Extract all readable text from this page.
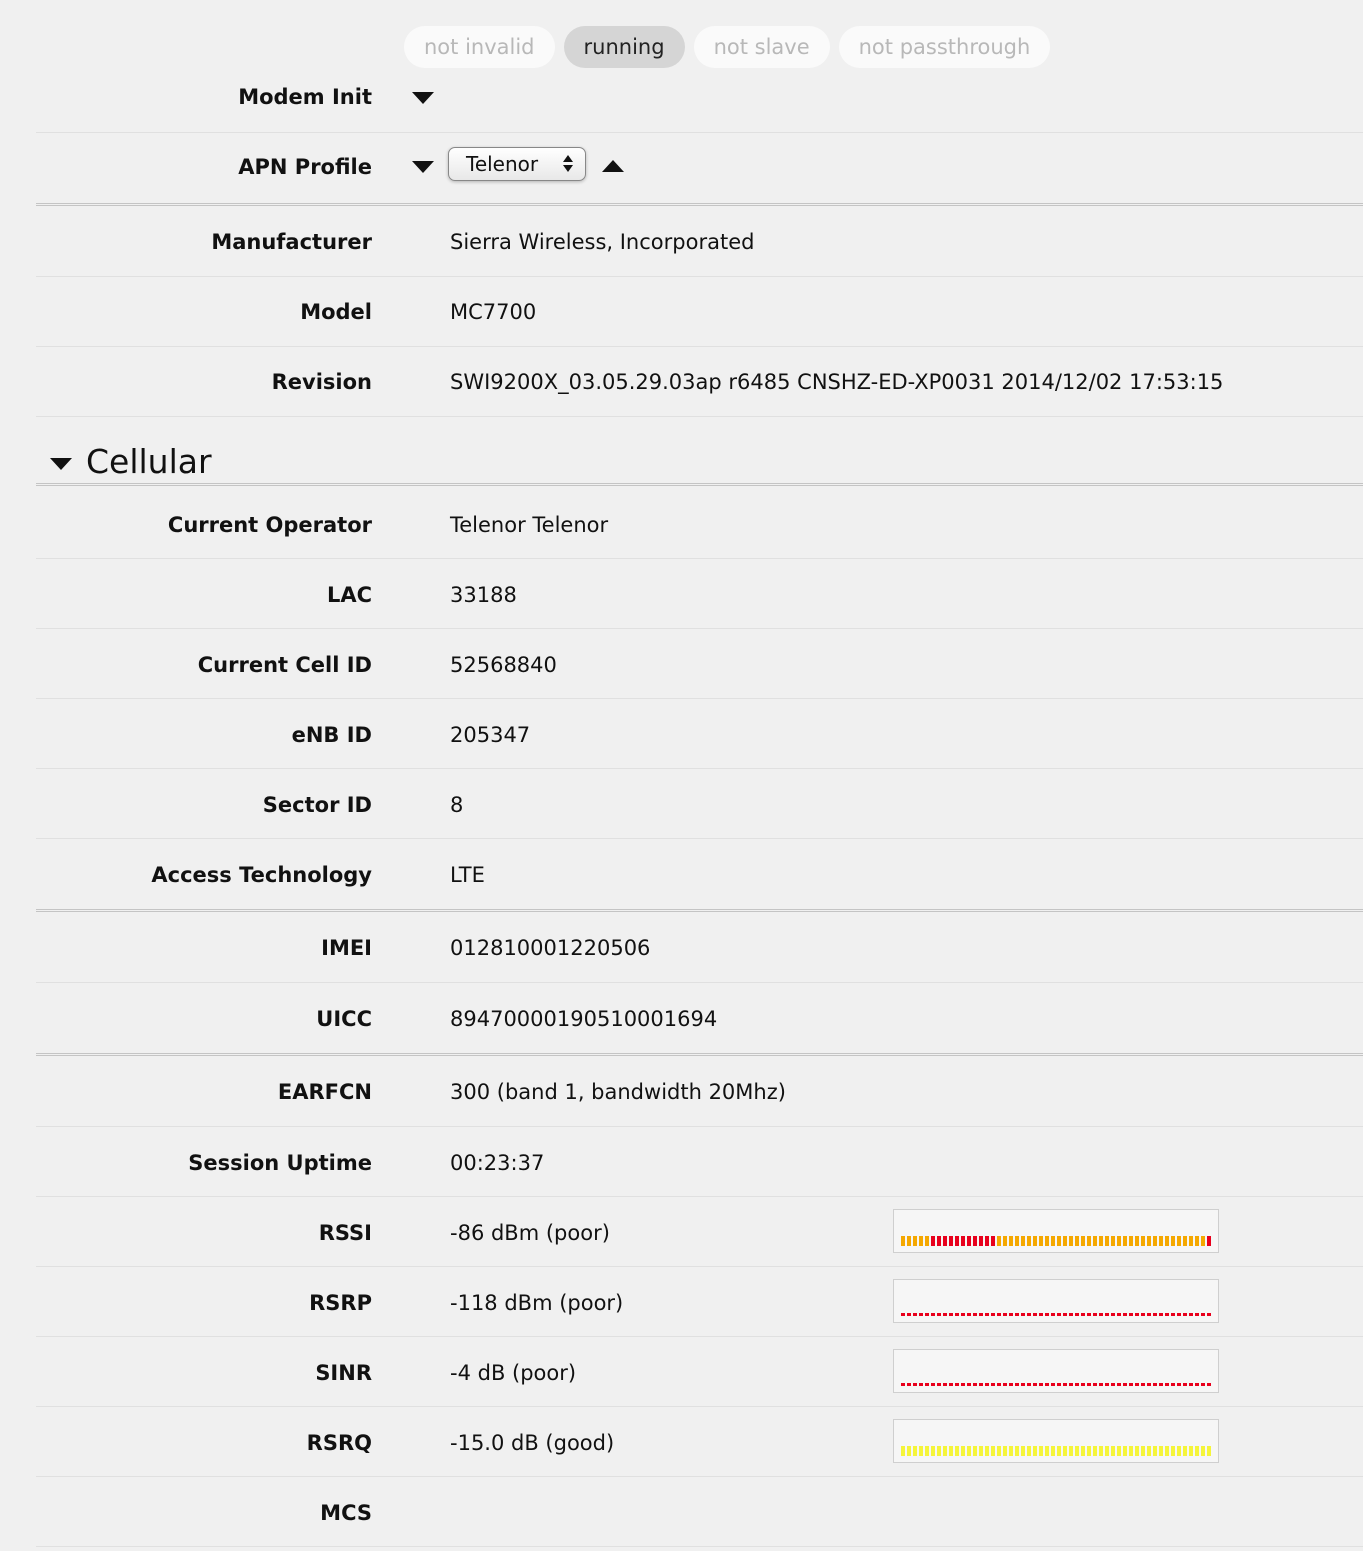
not invalid	running	not slave	not passthrough
Modem Init
APN Profile	Telenor
Manufacturer	Sierra Wireless, Incorporated
Model	MC7700
Revision	SWI9200X_03.05.29.03ap r6485 CNSHZ-ED-XP0031 2014/12/02 17:53:15
Cellular
Current Operator	Telenor Telenor
LAC	33188
Current Cell ID	52568840
eNB ID	205347
Sector ID	8
Access Technology	LTE
IMEI	012810001220506
UICC	89470000190510001694
EARFCN	300 (band 1, bandwidth 20Mhz)
Session Uptime	00:23:37
RSSI	-86 dBm (poor)
RSRP	-118 dBm (poor)
SINR	-4 dB (poor)
RSRQ	-15.0 dB (good)
MCS
